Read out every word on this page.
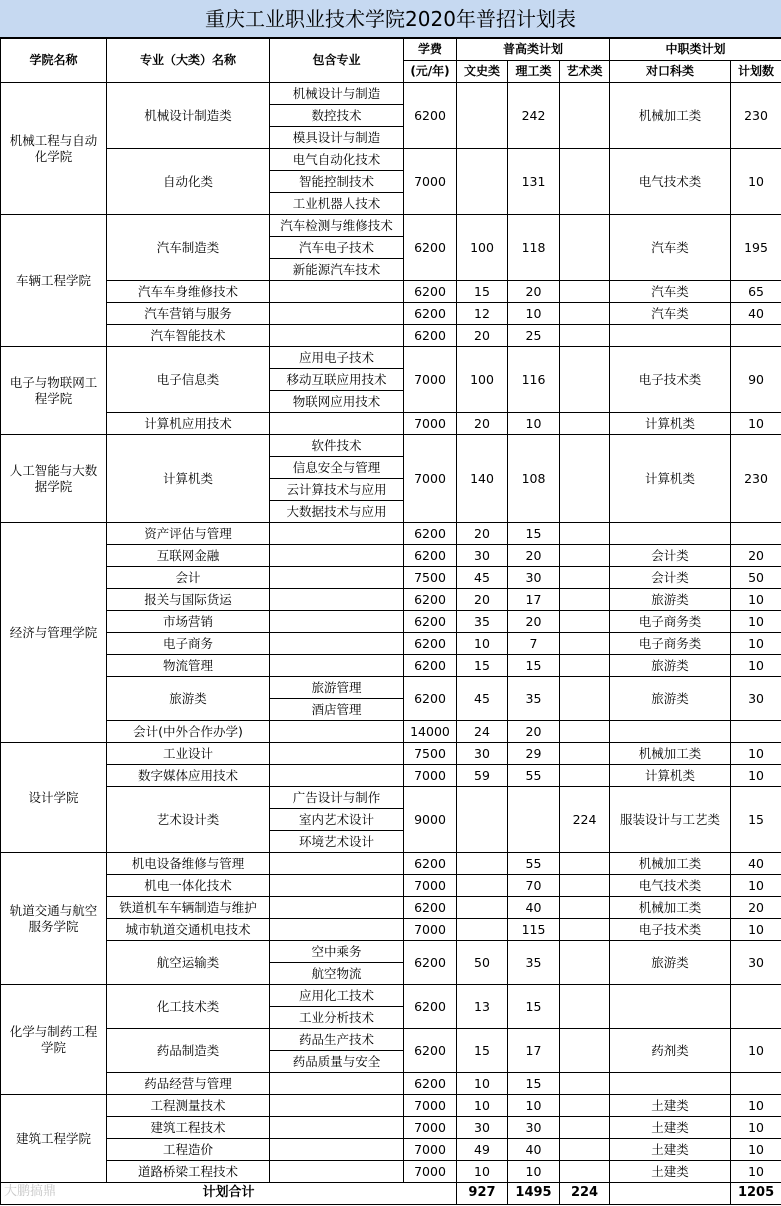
重庆工业职业技术学院2020年普招计划表
学院名称	专业（大类）名称	包含专业	学费	普高类计划			中职类计划	
			(元/年)	文史类	理工类	艺术类	对口科类	计划数
机械工程与自动化学院	机械设计制造类	机械设计与制造	6200		242		机械加工类	230
		数控技术						
		模具设计与制造						
	自动化类	电气自动化技术	7000		131		电气技术类	10
		智能控制技术						
		工业机器人技术						
车辆工程学院	汽车制造类	汽车检测与维修技术	6200	100	118		汽车类	195
		汽车电子技术						
		新能源汽车技术						
	汽车车身维修技术		6200	15	20		汽车类	65
	汽车营销与服务		6200	12	10		汽车类	40
	汽车智能技术		6200	20	25			
电子与物联网工程学院	电子信息类	应用电子技术	7000	100	116		电子技术类	90
		移动互联应用技术						
		物联网应用技术						
	计算机应用技术		7000	20	10		计算机类	10
人工智能与大数据学院	计算机类	软件技术	7000	140	108		计算机类	230
		信息安全与管理						
		云计算技术与应用						
		大数据技术与应用						
经济与管理学院	资产评估与管理		6200	20	15			
	互联网金融		6200	30	20		会计类	20
	会计		7500	45	30		会计类	50
	报关与国际货运		6200	20	17		旅游类	10
	市场营销		6200	35	20		电子商务类	10
	电子商务		6200	10	7		电子商务类	10
	物流管理		6200	15	15		旅游类	10
	旅游类	旅游管理	6200	45	35		旅游类	30
		酒店管理						
	会计(中外合作办学)		14000	24	20			
设计学院	工业设计		7500	30	29		机械加工类	10
	数字媒体应用技术		7000	59	55		计算机类	10
	艺术设计类	广告设计与制作	9000			224	服装设计与工艺类	15
		室内艺术设计						
		环境艺术设计						
轨道交通与航空服务学院	机电设备维修与管理		6200		55		机械加工类	40
	机电一体化技术		7000		70		电气技术类	10
	铁道机车车辆制造与维护		6200		40		机械加工类	20
	城市轨道交通机电技术		7000		115		电子技术类	10
	航空运输类	空中乘务	6200	50	35		旅游类	30
		航空物流						
化学与制药工程学院	化工技术类	应用化工技术	6200	13	15			
		工业分析技术						
	药品制造类	药品生产技术	6200	15	17		药剂类	10
		药品质量与安全						
	药品经营与管理		6200	10	15			
建筑工程学院	工程测量技术		7000	10	10		土建类	10
	建筑工程技术		7000	30	30		土建类	10
	工程造价		7000	49	40		土建类	10
	道路桥梁工程技术		7000	10	10		土建类	10
计划合计				927	1495	224		1205
大鹏搞鼎
